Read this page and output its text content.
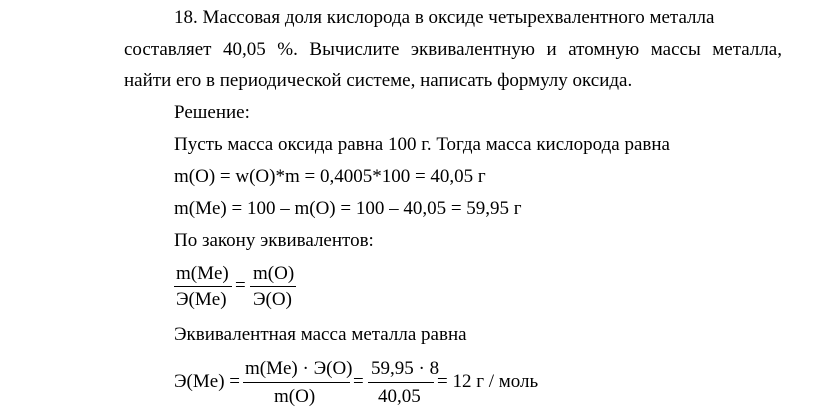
18. Массовая доля кислорода в оксиде четырехвалентного металла
составляет 40,05 %. Вычислите эквивалентную и атомную массы металла,
найти его в периодической системе, написать формулу оксида.
Решение:
Пусть масса оксида равна 100 г. Тогда масса кислорода равна
m(O) = w(O)*m = 0,4005*100 = 40,05 г
m(Me) = 100 – m(O) = 100 – 40,05 = 59,95 г
По закону эквивалентов:
m(Me)
Э(Me)
=
m(O)
Э(O)
Эквивалентная масса металла равна
Э(Me) =
m(Me) · Э(O)
m(O)
=
59,95 · 8
40,05
= 12 г / моль
